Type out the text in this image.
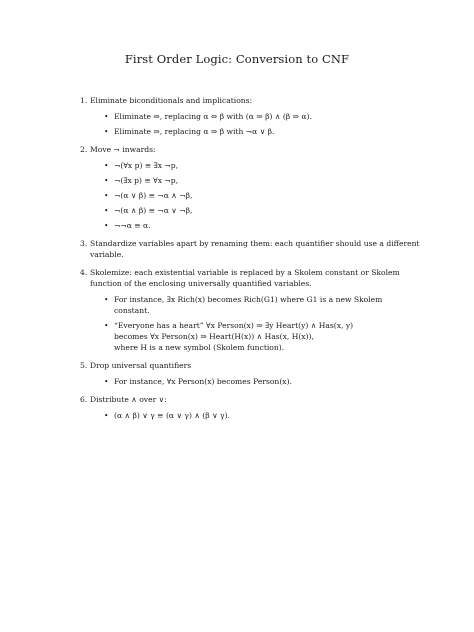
First Order Logic: Conversion to CNF
1. Eliminate biconditionals and implications:
• Eliminate ⇔, replacing α ⇔ β with (α ⇒ β) ∧ (β ⇒ α).
• Eliminate ⇒, replacing α ⇒ β with ¬α ∨ β.
2. Move ¬ inwards:
• ¬(∀x p) ≡ ∃x ¬p,
• ¬(∃x p) ≡ ∀x ¬p,
• ¬(α ∨ β) ≡ ¬α ∧ ¬β,
• ¬(α ∧ β) ≡ ¬α ∨ ¬β,
• ¬¬α ≡ α.
3. Standardize variables apart by renaming them: each quantifier should use a different variable.
4. Skolemize: each existential variable is replaced by a Skolem constant or Skolem function of the enclosing universally quantified variables.
• For instance, ∃x Rich(x) becomes Rich(G1) where G1 is a new Skolem constant.
• “Everyone has a heart” ∀x Person(x) ⇒ ∃y Heart(y) ∧ Has(x, y)
becomes ∀x Person(x) ⇒ Heart(H(x)) ∧ Has(x, H(x)),
where H is a new symbol (Skolem function).
5. Drop universal quantifiers
• For instance, ∀x Person(x) becomes Person(x).
6. Distribute ∧ over ∨:
• (α ∧ β) ∨ γ ≡ (α ∨ γ) ∧ (β ∨ γ).
